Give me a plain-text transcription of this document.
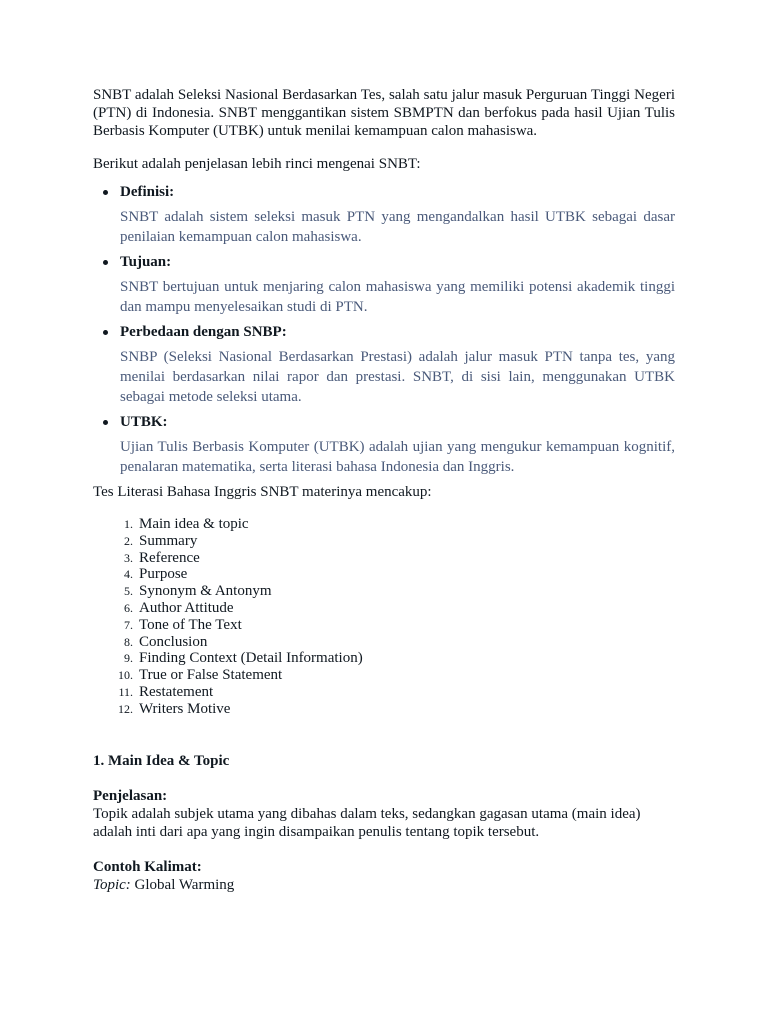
SNBT adalah Seleksi Nasional Berdasarkan Tes, salah satu jalur masuk Perguruan Tinggi Negeri (PTN) di Indonesia. SNBT menggantikan sistem SBMPTN dan berfokus pada hasil Ujian Tulis Berbasis Komputer (UTBK) untuk menilai kemampuan calon mahasiswa.

Berikut adalah penjelasan lebih rinci mengenai SNBT:

Definisi:
SNBT adalah sistem seleksi masuk PTN yang mengandalkan hasil UTBK sebagai dasar penilaian kemampuan calon mahasiswa.
Tujuan:
SNBT bertujuan untuk menjaring calon mahasiswa yang memiliki potensi akademik tinggi dan mampu menyelesaikan studi di PTN.
Perbedaan dengan SNBP:
SNBP (Seleksi Nasional Berdasarkan Prestasi) adalah jalur masuk PTN tanpa tes, yang menilai berdasarkan nilai rapor dan prestasi. SNBT, di sisi lain, menggunakan UTBK sebagai metode seleksi utama.
UTBK:
Ujian Tulis Berbasis Komputer (UTBK) adalah ujian yang mengukur kemampuan kognitif, penalaran matematika, serta literasi bahasa Indonesia dan Inggris.

Tes Literasi Bahasa Inggris SNBT materinya mencakup:

1. Main idea & topic
2. Summary
3. Reference
4. Purpose
5. Synonym & Antonym
6. Author Attitude
7. Tone of The Text
8. Conclusion
9. Finding Context (Detail Information)
10. True or False Statement
11. Restatement
12. Writers Motive

1. Main Idea & Topic

Penjelasan:

Topik adalah subjek utama yang dibahas dalam teks, sedangkan gagasan utama (main idea) adalah inti dari apa yang ingin disampaikan penulis tentang topik tersebut.

Contoh Kalimat:

Topic: Global Warming
